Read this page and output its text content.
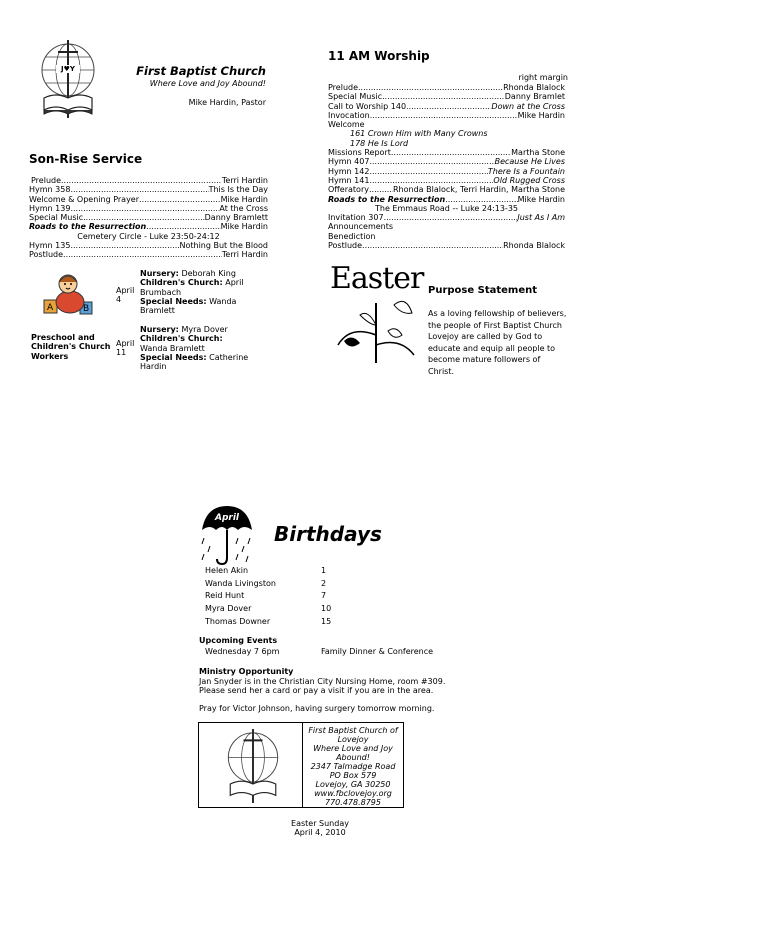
J♥Y	First Baptist Church
Where Love and Joy Abound!
Mike Hardin, Pastor
Son-Rise Service
Prelude .....	Terri Hardin
Hymn 358 .....	This Is the Day
Welcome & Opening Prayer .....	Mike Hardin
Hymn 139 .....	At the Cross
Special Music .....	Danny Bramlett
Roads to the Resurrection .....	Mike Hardin
Cemetery Circle - Luke 23:50-24:12
Hymn 135 .....	Nothing But the Blood
Postlude .....	Terri Hardin
A	B
Preschool and Children's Church Workers
April 4
Nursery: Deborah King
Children's Church: April Brumbach
Special Needs: Wanda Bramlett
April 11
Nursery: Myra Dover
Children's Church:
Wanda Bramlett
Special Needs: Catherine Hardin
11 AM Worship
right margin
Prelude .....	Rhonda Blalock
Special Music .....	Danny Bramlet
Call to Worship 140 .....	Down at the Cross
Invocation .....	Mike Hardin
Welcome
161 Crown Him with Many Crowns
178 He Is Lord
Missions Report .....	Martha Stone
Hymn 407 .....	Because He Lives
Hymn 142 .....	There Is a Fountain
Hymn 141 .....	Old Rugged Cross
Offeratory .....	Rhonda Blalock, Terri Hardin, Martha Stone
Roads to the Resurrection .....	Mike Hardin
The Emmaus Road -- Luke 24:13-35
Invitation 307 .....	Just As I Am
Announcements
Benediction
Postlude .....	Rhonda Blalock
Easter Purpose Statement
As a loving fellowship of believers, the people of First Baptist Church Lovejoy are called by God to educate and equip all people to become mature followers of Christ.
April
Birthdays
Helen Akin	1
Wanda Livingston	2
Reid Hunt	7
Myra Dover	10
Thomas Downer	15
Upcoming Events
Wednesday 7 6pm	Family Dinner & Conference
Ministry Opportunity
Jan Snyder is in the Christian City Nursing Home, room #309.
Please send her a card or pay a visit if you are in the area.
Pray for Victor Johnson, having surgery tomorrow morning.
First Baptist Church of
Lovejoy
Where Love and Joy
Abound!
2347 Talmadge Road
PO Box 579
Lovejoy, GA 30250
www.fbclovejoy.org
770.478.8795
Easter Sunday
April 4, 2010
